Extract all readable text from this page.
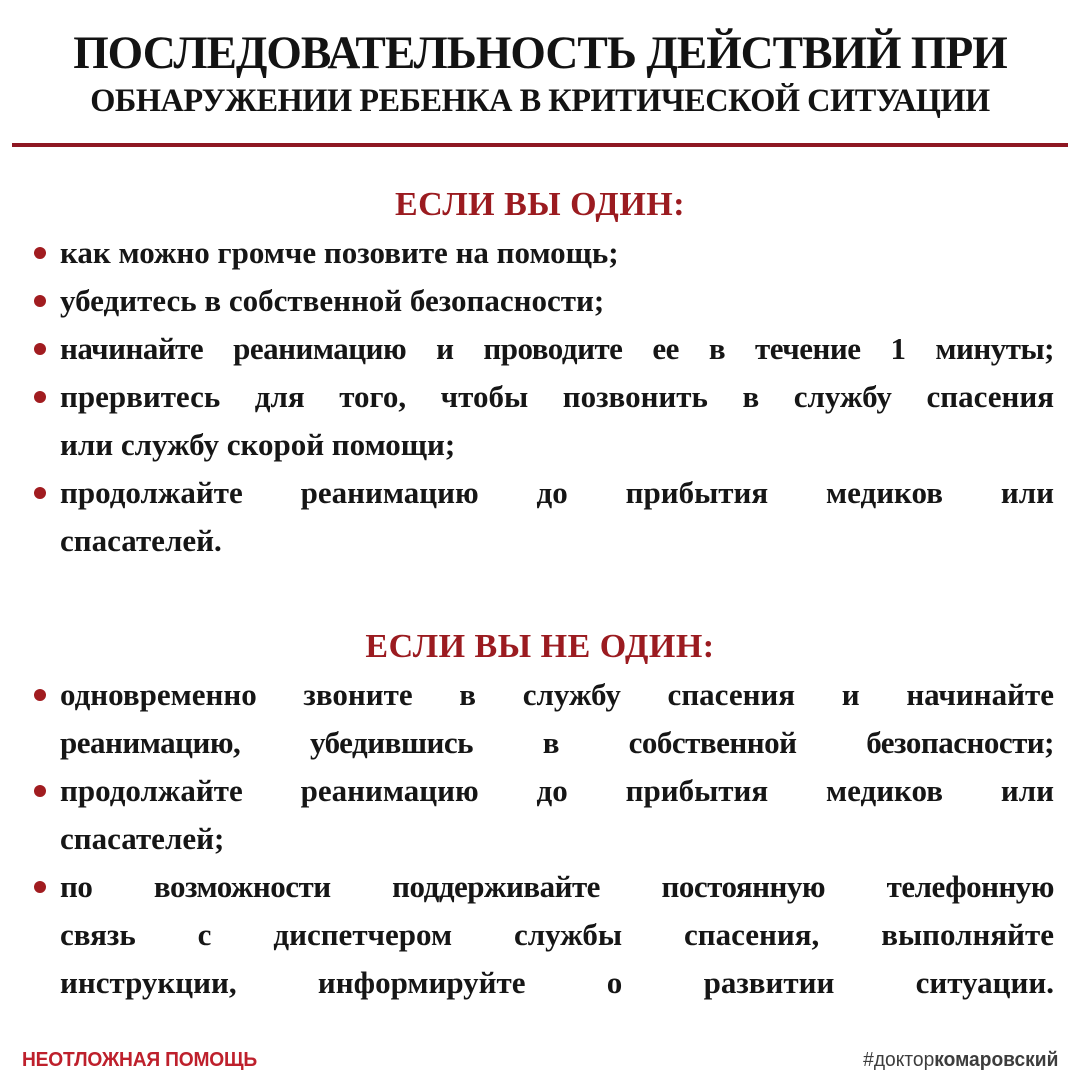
ПОСЛЕДОВАТЕЛЬНОСТЬ ДЕЙСТВИЙ ПРИ
ОБНАРУЖЕНИИ РЕБЕНКА В КРИТИЧЕСКОЙ СИТУАЦИИ
ЕСЛИ ВЫ ОДИН:
как можно громче позовите на помощь;
убедитесь в собственной безопасности;
начинайте реанимацию и проводите ее в течение 1 минуты;
прервитесь для того, чтобы позвонить в службу спасения
или службу скорой помощи;
продолжайте реанимацию до прибытия медиков или
спасателей.
ЕСЛИ ВЫ НЕ ОДИН:
одновременно звоните в службу спасения и начинайте
реанимацию, убедившись в собственной безопасности;
продолжайте реанимацию до прибытия медиков или
спасателей;
по возможности поддерживайте постоянную телефонную
связь с диспетчером службы спасения, выполняйте
инструкции, информируйте о развитии ситуации.
НЕОТЛОЖНАЯ ПОМОЩЬ	#докторкомаровский
